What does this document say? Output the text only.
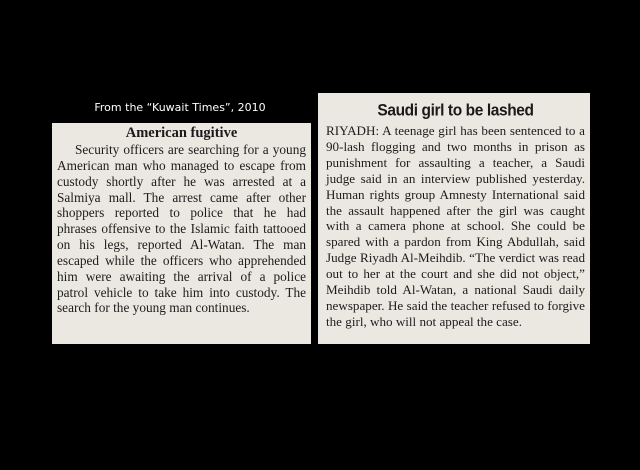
From the “Kuwait Times”, 2010
American fugitive

Security officers are searching for a young American man who managed to escape from custody shortly after he was arrested at a Salmiya mall. The arrest came after other shoppers reported to police that he had phrases offensive to the Islamic faith tattooed on his legs, reported Al-Watan. The man escaped while the officers who apprehended him were awaiting the arrival of a police patrol vehicle to take him into custody. The search for the young man continues.

Saudi girl to be lashed

RIYADH: A teenage girl has been sentenced to a 90-lash flogging and two months in prison as punishment for assaulting a teacher, a Saudi judge said in an interview published yesterday. Human rights group Amnesty International said the assault happened after the girl was caught with a camera phone at school. She could be spared with a pardon from King Abdullah, said Judge Riyadh Al-Meihdib. “The verdict was read out to her at the court and she did not object,” Meihdib told Al-Watan, a national Saudi daily newspaper. He said the teacher refused to forgive the girl, who will not appeal the case.
